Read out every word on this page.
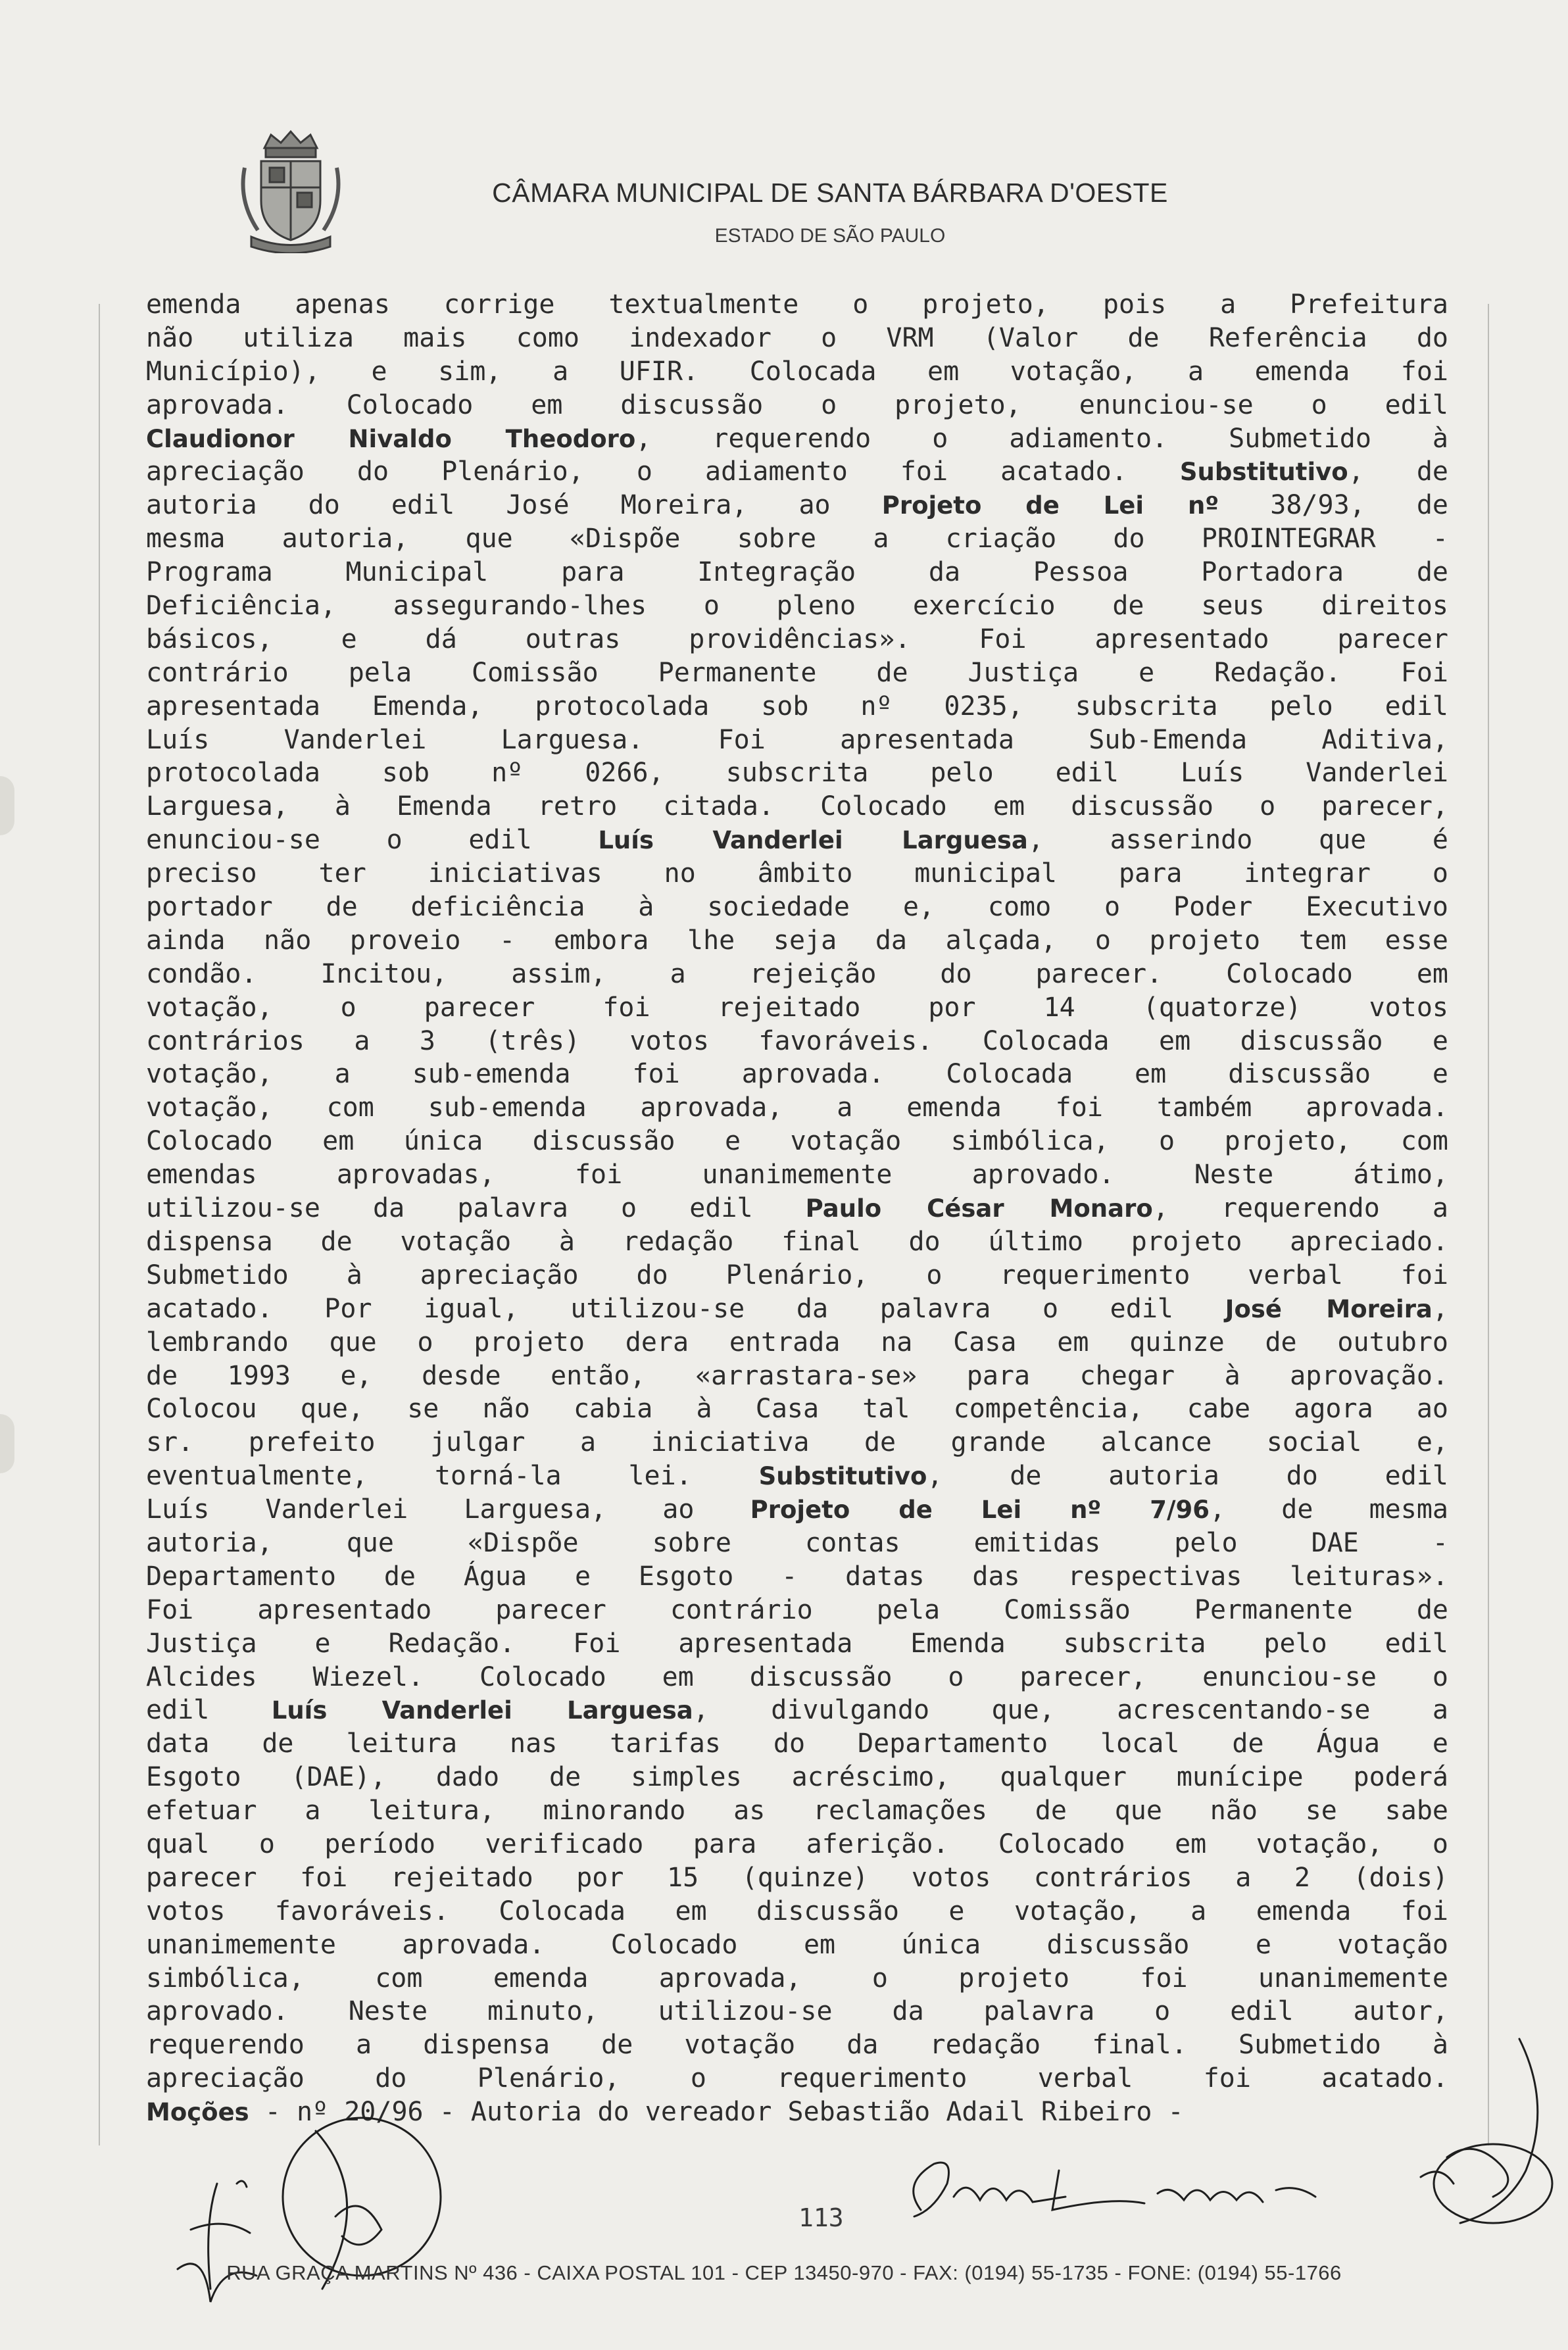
CÂMARA MUNICIPAL DE SANTA BÁRBARA D'OESTE
ESTADO DE SÃO PAULO
emenda apenas corrige textualmente o projeto, pois a Prefeitura
não utiliza mais como indexador o VRM (Valor de Referência do
Município), e sim, a UFIR. Colocada em votação, a emenda foi
aprovada. Colocado em discussão o projeto, enunciou-se o edil
Claudionor Nivaldo Theodoro, requerendo o adiamento. Submetido à
apreciação do Plenário, o adiamento foi acatado. Substitutivo, de
autoria do edil José Moreira, ao Projeto de Lei nº 38/93, de
mesma autoria, que «Dispõe sobre a criação do PROINTEGRAR -
Programa Municipal para Integração da Pessoa Portadora de
Deficiência, assegurando-lhes o pleno exercício de seus direitos
básicos, e dá outras providências». Foi apresentado parecer
contrário pela Comissão Permanente de Justiça e Redação. Foi
apresentada Emenda, protocolada sob nº 0235, subscrita pelo edil
Luís Vanderlei Larguesa. Foi apresentada Sub-Emenda Aditiva,
protocolada sob nº 0266, subscrita pelo edil Luís Vanderlei
Larguesa, à Emenda retro citada. Colocado em discussão o parecer,
enunciou-se o edil Luís Vanderlei Larguesa, asserindo que é
preciso ter iniciativas no âmbito municipal para integrar o
portador de deficiência à sociedade e, como o Poder Executivo
ainda não proveio - embora lhe seja da alçada, o projeto tem esse
condão. Incitou, assim, a rejeição do parecer. Colocado em
votação, o parecer foi rejeitado por 14 (quatorze) votos
contrários a 3 (três) votos favoráveis. Colocada em discussão e
votação, a sub-emenda foi aprovada. Colocada em discussão e
votação, com sub-emenda aprovada, a emenda foi também aprovada.
Colocado em única discussão e votação simbólica, o projeto, com
emendas aprovadas, foi unanimemente aprovado. Neste átimo,
utilizou-se da palavra o edil Paulo César Monaro, requerendo a
dispensa de votação à redação final do último projeto apreciado.
Submetido à apreciação do Plenário, o requerimento verbal foi
acatado. Por igual, utilizou-se da palavra o edil José Moreira,
lembrando que o projeto dera entrada na Casa em quinze de outubro
de 1993 e, desde então, «arrastara-se» para chegar à aprovação.
Colocou que, se não cabia à Casa tal competência, cabe agora ao
sr. prefeito julgar a iniciativa de grande alcance social e,
eventualmente, torná-la lei. Substitutivo, de autoria do edil
Luís Vanderlei Larguesa, ao Projeto de Lei nº 7/96, de mesma
autoria, que «Dispõe sobre contas emitidas pelo DAE -
Departamento de Água e Esgoto - datas das respectivas leituras».
Foi apresentado parecer contrário pela Comissão Permanente de
Justiça e Redação. Foi apresentada Emenda subscrita pelo edil
Alcides Wiezel. Colocado em discussão o parecer, enunciou-se o
edil Luís Vanderlei Larguesa, divulgando que, acrescentando-se a
data de leitura nas tarifas do Departamento local de Água e
Esgoto (DAE), dado de simples acréscimo, qualquer munícipe poderá
efetuar a leitura, minorando as reclamações de que não se sabe
qual o período verificado para aferição. Colocado em votação, o
parecer foi rejeitado por 15 (quinze) votos contrários a 2 (dois)
votos favoráveis. Colocada em discussão e votação, a emenda foi
unanimemente aprovada. Colocado em única discussão e votação
simbólica, com emenda aprovada, o projeto foi unanimemente
aprovado. Neste minuto, utilizou-se da palavra o edil autor,
requerendo a dispensa de votação da redação final. Submetido à
apreciação do Plenário, o requerimento verbal foi acatado.
Moções - nº 20/96 - Autoria do vereador Sebastião Adail Ribeiro -
113
RUA GRAÇA MARTINS Nº 436 - CAIXA POSTAL 101 - CEP 13450-970 - FAX: (0194) 55-1735 - FONE: (0194) 55-1766
